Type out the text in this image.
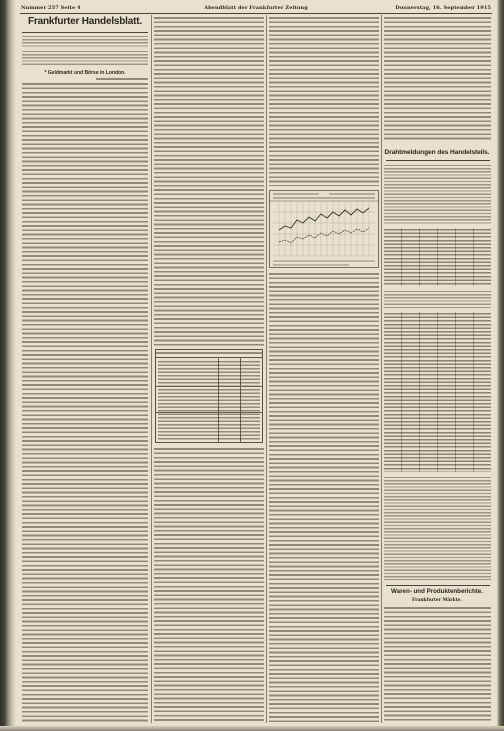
Nummer 257 Seite 4	Abendblatt der Frankfurter Zeitung	Donnerstag, 16. September 1915
Frankfurter Handelsblatt.
* Geldmarkt und Börse in London.
Drahtmeldungen des Handelsteils.
Waren- und Produktenberichte.
Frankfurter Märkte.
